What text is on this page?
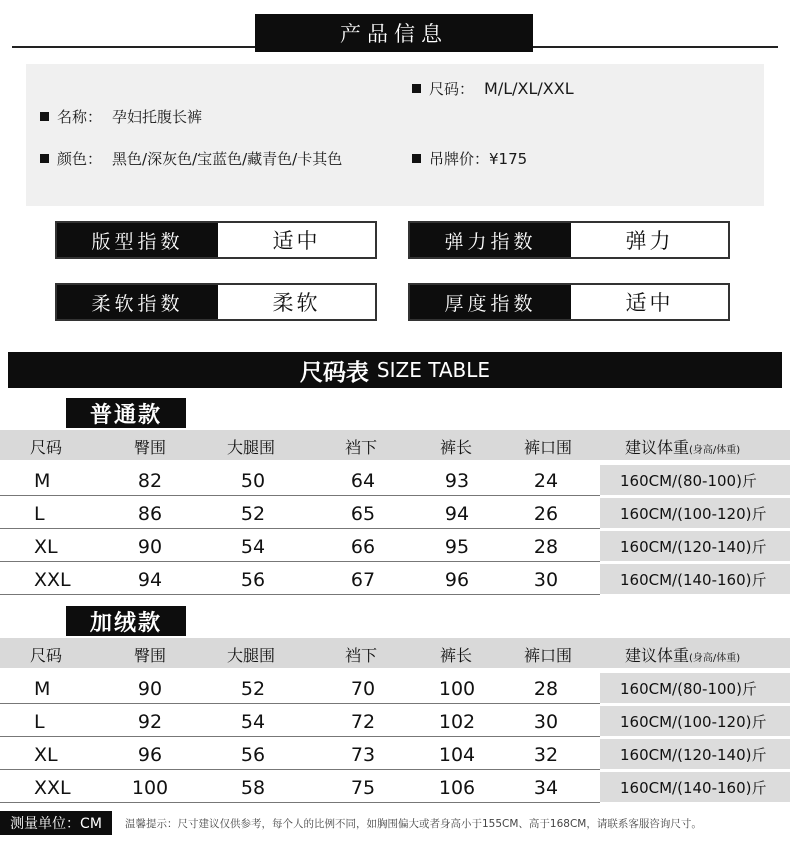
产品信息
尺码： M/L/XL/XXL
名称： 孕妇托腹长裤
颜色： 黑色/深灰色/宝蓝色/藏青色/卡其色	吊牌价： ¥175
版型指数	适中	弹力指数	弹力
柔软指数	柔软	厚度指数	适中
尺码表 SIZE TABLE
普通款
尺码	臀围	大腿围	裆下	裤长	裤口围	建议体重(身高/体重)
M	82	50	64	93	24	160CM/(80-100)斤
L	86	52	65	94	26	160CM/(100-120)斤
XL	90	54	66	95	28	160CM/(120-140)斤
XXL	94	56	67	96	30	160CM/(140-160)斤
加绒款
尺码	臀围	大腿围	裆下	裤长	裤口围	建议体重(身高/体重)
M	90	52	70	100	28	160CM/(80-100)斤
L	92	54	72	102	30	160CM/(100-120)斤
XL	96	56	73	104	32	160CM/(120-140)斤
XXL	100	58	75	106	34	160CM/(140-160)斤
测量单位：CM	温馨提示：尺寸建议仅供参考，每个人的比例不同，如胸围偏大或者身高小于155CM、高于168CM，请联系客服咨询尺寸。
